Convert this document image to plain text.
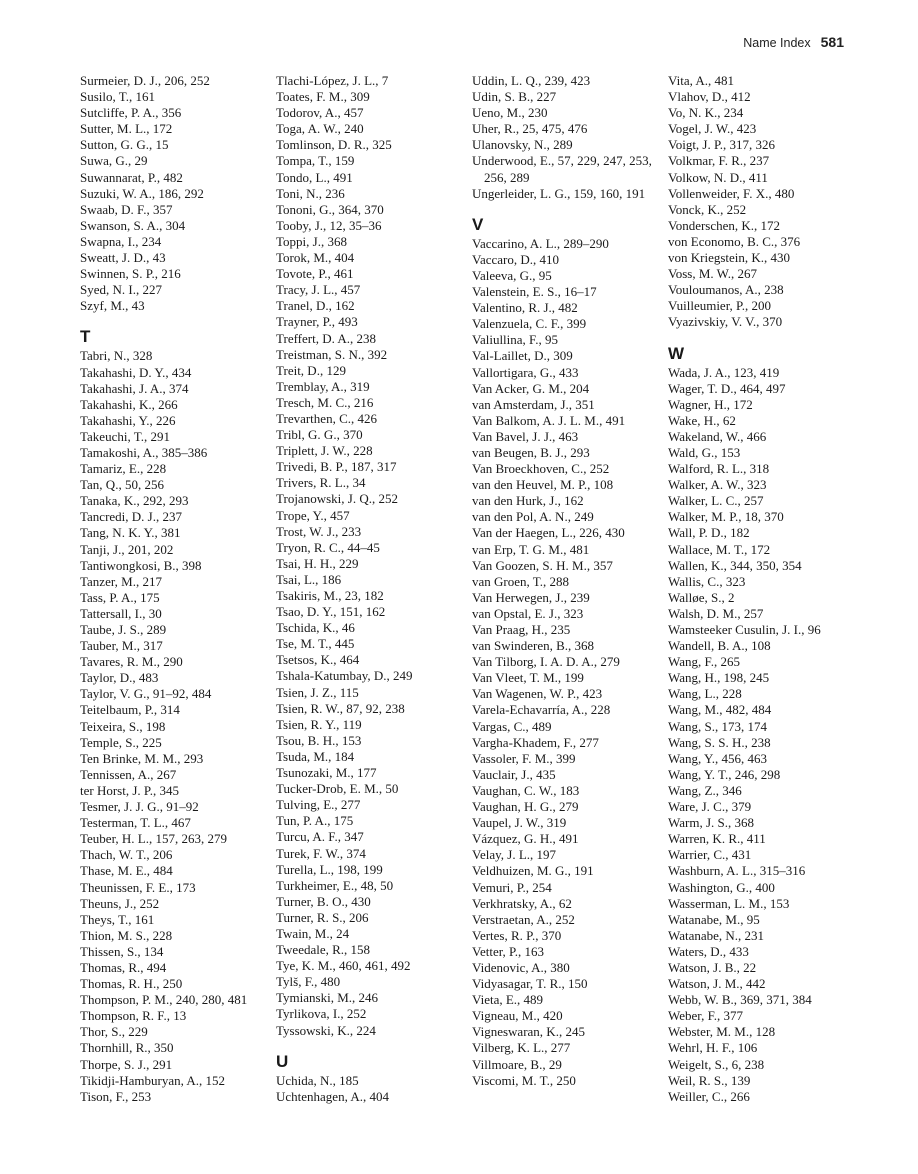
Name Index 581
Surmeier, D. J., 206, 252
Susilo, T., 161
Sutcliffe, P. A., 356
Sutter, M. L., 172
Sutton, G. G., 15
Suwa, G., 29
Suwannarat, P., 482
Suzuki, W. A., 186, 292
Swaab, D. F., 357
Swanson, S. A., 304
Swapna, I., 234
Sweatt, J. D., 43
Swinnen, S. P., 216
Syed, N. I., 227
Szyf, M., 43
T
Tabri, N., 328
Takahashi, D. Y., 434
Takahashi, J. A., 374
Takahashi, K., 266
Takahashi, Y., 226
Takeuchi, T., 291
Tamakoshi, A., 385–386
Tamariz, E., 228
Tan, Q., 50, 256
Tanaka, K., 292, 293
Tancredi, D. J., 237
Tang, N. K. Y., 381
Tanji, J., 201, 202
Tantiwongkosi, B., 398
Tanzer, M., 217
Tass, P. A., 175
Tattersall, I., 30
Taube, J. S., 289
Tauber, M., 317
Tavares, R. M., 290
Taylor, D., 483
Taylor, V. G., 91–92, 484
Teitelbaum, P., 314
Teixeira, S., 198
Temple, S., 225
Ten Brinke, M. M., 293
Tennissen, A., 267
ter Horst, J. P., 345
Tesmer, J. J. G., 91–92
Testerman, T. L., 467
Teuber, H. L., 157, 263, 279
Thach, W. T., 206
Thase, M. E., 484
Theunissen, F. E., 173
Theuns, J., 252
Theys, T., 161
Thion, M. S., 228
Thissen, S., 134
Thomas, R., 494
Thomas, R. H., 250
Thompson, P. M., 240, 280, 481
Thompson, R. F., 13
Thor, S., 229
Thornhill, R., 350
Thorpe, S. J., 291
Tikidji-Hamburyan, A., 152
Tison, F., 253
Tlachi-López, J. L., 7
Toates, F. M., 309
Todorov, A., 457
Toga, A. W., 240
Tomlinson, D. R., 325
Tompa, T., 159
Tondo, L., 491
Toni, N., 236
Tononi, G., 364, 370
Tooby, J., 12, 35–36
Toppi, J., 368
Torok, M., 404
Tovote, P., 461
Tracy, J. L., 457
Tranel, D., 162
Trayner, P., 493
Treffert, D. A., 238
Treistman, S. N., 392
Treit, D., 129
Tremblay, A., 319
Tresch, M. C., 216
Trevarthen, C., 426
Tribl, G. G., 370
Triplett, J. W., 228
Trivedi, B. P., 187, 317
Trivers, R. L., 34
Trojanowski, J. Q., 252
Trope, Y., 457
Trost, W. J., 233
Tryon, R. C., 44–45
Tsai, H. H., 229
Tsai, L., 186
Tsakiris, M., 23, 182
Tsao, D. Y., 151, 162
Tschida, K., 46
Tse, M. T., 445
Tsetsos, K., 464
Tshala-Katumbay, D., 249
Tsien, J. Z., 115
Tsien, R. W., 87, 92, 238
Tsien, R. Y., 119
Tsou, B. H., 153
Tsuda, M., 184
Tsunozaki, M., 177
Tucker-Drob, E. M., 50
Tulving, E., 277
Tun, P. A., 175
Turcu, A. F., 347
Turek, F. W., 374
Turella, L., 198, 199
Turkheimer, E., 48, 50
Turner, B. O., 430
Turner, R. S., 206
Twain, M., 24
Tweedale, R., 158
Tye, K. M., 460, 461, 492
Tylš, F., 480
Tymianski, M., 246
Tyrlikova, I., 252
Tyssowski, K., 224
U
Uchida, N., 185
Uchtenhagen, A., 404
Uddin, L. Q., 239, 423
Udin, S. B., 227
Ueno, M., 230
Uher, R., 25, 475, 476
Ulanovsky, N., 289
Underwood, E., 57, 229, 247, 253, 256, 289
Ungerleider, L. G., 159, 160, 191
V
Vaccarino, A. L., 289–290
Vaccaro, D., 410
Valeeva, G., 95
Valenstein, E. S., 16–17
Valentino, R. J., 482
Valenzuela, C. F., 399
Valiullina, F., 95
Val-Laillet, D., 309
Vallortigara, G., 433
Van Acker, G. M., 204
van Amsterdam, J., 351
Van Balkom, A. J. L. M., 491
Van Bavel, J. J., 463
van Beugen, B. J., 293
Van Broeckhoven, C., 252
van den Heuvel, M. P., 108
van den Hurk, J., 162
van den Pol, A. N., 249
Van der Haegen, L., 226, 430
van Erp, T. G. M., 481
Van Goozen, S. H. M., 357
van Groen, T., 288
Van Herwegen, J., 239
van Opstal, E. J., 323
Van Praag, H., 235
van Swinderen, B., 368
Van Tilborg, I. A. D. A., 279
Van Vleet, T. M., 199
Van Wagenen, W. P., 423
Varela-Echavarría, A., 228
Vargas, C., 489
Vargha-Khadem, F., 277
Vassoler, F. M., 399
Vauclair, J., 435
Vaughan, C. W., 183
Vaughan, H. G., 279
Vaupel, J. W., 319
Vázquez, G. H., 491
Velay, J. L., 197
Veldhuizen, M. G., 191
Vemuri, P., 254
Verkhratsky, A., 62
Verstraetan, A., 252
Vertes, R. P., 370
Vetter, P., 163
Videnovic, A., 380
Vidyasagar, T. R., 150
Vieta, E., 489
Vigneau, M., 420
Vigneswaran, K., 245
Vilberg, K. L., 277
Villmoare, B., 29
Viscomi, M. T., 250
Vita, A., 481
Vlahov, D., 412
Vo, N. K., 234
Vogel, J. W., 423
Voigt, J. P., 317, 326
Volkmar, F. R., 237
Volkow, N. D., 411
Vollenweider, F. X., 480
Vonck, K., 252
Vonderschen, K., 172
von Economo, B. C., 376
von Kriegstein, K., 430
Voss, M. W., 267
Vouloumanos, A., 238
Vuilleumier, P., 200
Vyazivskiy, V. V., 370
W
Wada, J. A., 123, 419
Wager, T. D., 464, 497
Wagner, H., 172
Wake, H., 62
Wakeland, W., 466
Wald, G., 153
Walford, R. L., 318
Walker, A. W., 323
Walker, L. C., 257
Walker, M. P., 18, 370
Wall, P. D., 182
Wallace, M. T., 172
Wallen, K., 344, 350, 354
Wallis, C., 323
Walløe, S., 2
Walsh, D. M., 257
Wamsteeker Cusulin, J. I., 96
Wandell, B. A., 108
Wang, F., 265
Wang, H., 198, 245
Wang, L., 228
Wang, M., 482, 484
Wang, S., 173, 174
Wang, S. S. H., 238
Wang, Y., 456, 463
Wang, Y. T., 246, 298
Wang, Z., 346
Ware, J. C., 379
Warm, J. S., 368
Warren, K. R., 411
Warrier, C., 431
Washburn, A. L., 315–316
Washington, G., 400
Wasserman, L. M., 153
Watanabe, M., 95
Watanabe, N., 231
Waters, D., 433
Watson, J. B., 22
Watson, J. M., 442
Webb, W. B., 369, 371, 384
Weber, F., 377
Webster, M. M., 128
Wehrl, H. F., 106
Weigelt, S., 6, 238
Weil, R. S., 139
Weiller, C., 266
